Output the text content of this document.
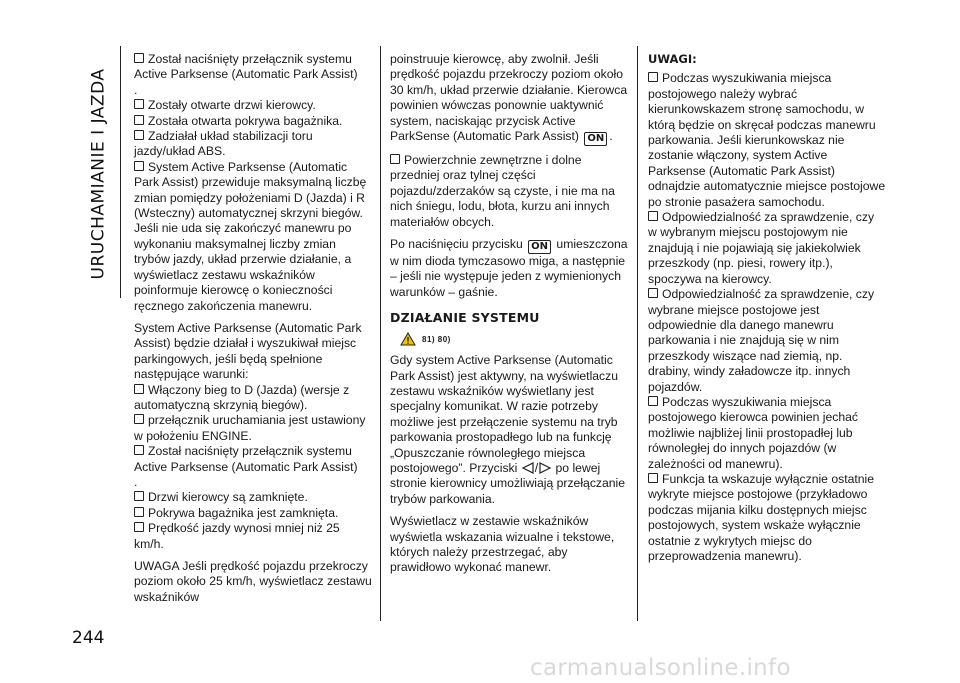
URUCHAMIANIE I JAZDA

Został naciśnięty przełącznik systemu Active Parksense (Automatic Park Assist)
.

Zostały otwarte drzwi kierowcy.

Została otwarta pokrywa bagażnika.

Zadziałał układ stabilizacji toru jazdy/układ ABS.

System Active Parksense (Automatic Park Assist) przewiduje maksymalną liczbę zmian pomiędzy położeniami D (Jazda) i R (Wsteczny) automatycznej skrzyni biegów. Jeśli nie uda się zakończyć manewru po wykonaniu maksymalnej liczby zmian trybów jazdy, układ przerwie działanie, a wyświetlacz zestawu wskaźników poinformuje kierowcę o konieczności ręcznego zakończenia manewru.

System Active Parksense (Automatic Park Assist) będzie działał i wyszukiwał miejsc parkingowych, jeśli będą spełnione następujące warunki:

Włączony bieg to D (Jazda) (wersje z automatyczną skrzynią biegów).

przełącznik uruchamiania jest ustawiony w położeniu ENGINE.

Został naciśnięty przełącznik systemu Active Parksense (Automatic Park Assist)
.

Drzwi kierowcy są zamknięte.

Pokrywa bagażnika jest zamknięta.

Prędkość jazdy wynosi mniej niż 25 km/h.

UWAGA Jeśli prędkość pojazdu przekroczy poziom około 25 km/h, wyświetlacz zestawu wskaźników

poinstruuje kierowcę, aby zwolnił. Jeśli prędkość pojazdu przekroczy poziom około 30 km/h, układ przerwie działanie. Kierowca powinien wówczas ponownie uaktywnić system, naciskając przycisk Active ParkSense (Automatic Park Assist) ON .

Powierzchnie zewnętrzne i dolne przedniej oraz tylnej części pojazdu/zderzaków są czyste, i nie ma na nich śniegu, lodu, błota, kurzu ani innych materiałów obcych.

Po naciśnięciu przycisku ON umieszczona w nim dioda tymczasowo miga, a następnie – jeśli nie występuje jeden z wymienionych warunków – gaśnie.

DZIAŁANIE SYSTEMU
81) 80)

Gdy system Active Parksense (Automatic Park Assist) jest aktywny, na wyświetlaczu zestawu wskaźników wyświetlany jest specjalny komunikat. W razie potrzeby możliwe jest przełączenie systemu na tryb parkowania prostopadłego lub na funkcję „Opuszczanie równoległego miejsca postojowego”. Przyciski / po lewej stronie kierownicy umożliwiają przełączanie trybów parkowania.

Wyświetlacz w zestawie wskaźników wyświetla wskazania wizualne i tekstowe, których należy przestrzegać, aby prawidłowo wykonać manewr.

UWAGI:

Podczas wyszukiwania miejsca postojowego należy wybrać kierunkowskazem stronę samochodu, w którą będzie on skręcał podczas manewru parkowania. Jeśli kierunkowskaz nie zostanie włączony, system Active Parksense (Automatic Park Assist) odnajdzie automatycznie miejsce postojowe po stronie pasażera samochodu.

Odpowiedzialność za sprawdzenie, czy w wybranym miejscu postojowym nie znajdują i nie pojawiają się jakiekolwiek przeszkody (np. piesi, rowery itp.), spoczywa na kierowcy.

Odpowiedzialność za sprawdzenie, czy wybrane miejsce postojowe jest odpowiednie dla danego manewru parkowania i nie znajdują się w nim przeszkody wiszące nad ziemią, np. drabiny, windy załadowcze itp. innych pojazdów.

Podczas wyszukiwania miejsca postojowego kierowca powinien jechać możliwie najbliżej linii prostopadłej lub równoległej do innych pojazdów (w zależności od manewru).

Funkcja ta wskazuje wyłącznie ostatnie wykryte miejsce postojowe (przykładowo podczas mijania kilku dostępnych miejsc postojowych, system wskaże wyłącznie ostatnie z wykrytych miejsc do przeprowadzenia manewru).

244
carmanualsonline.info
